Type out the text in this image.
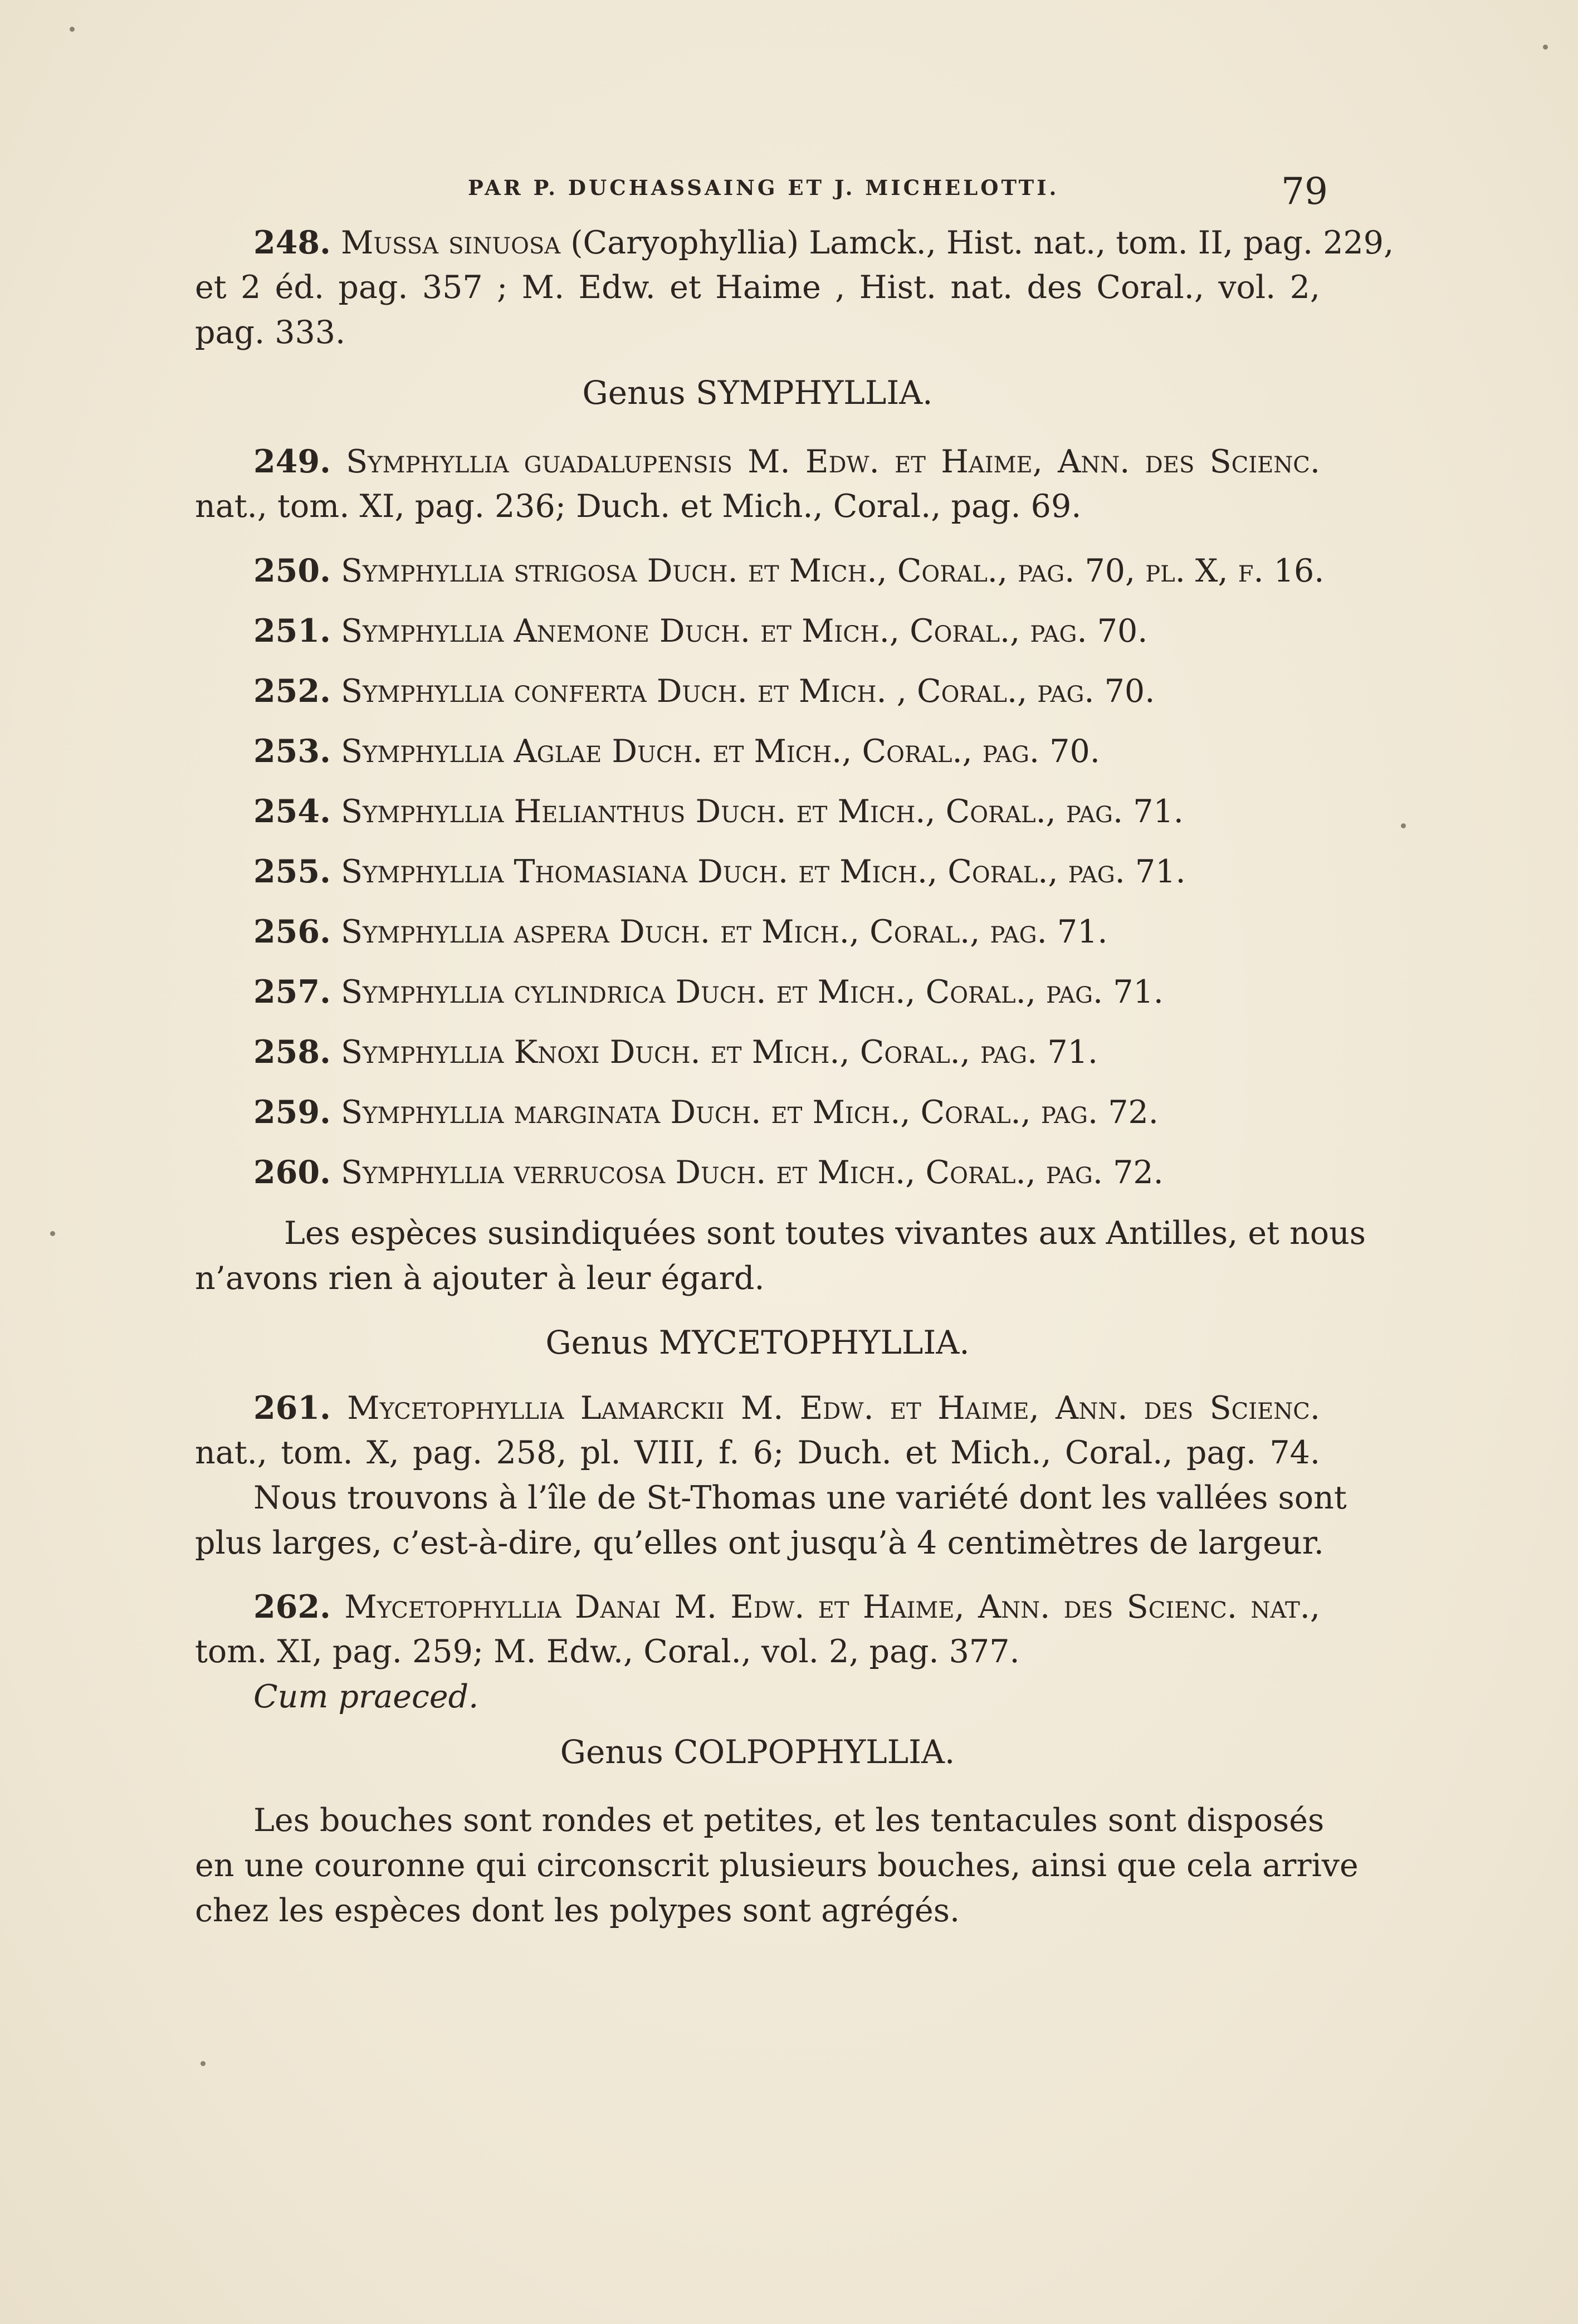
PAR P. DUCHASSAING ET J. MICHELOTTI.	79
248. Mussa sinuosa (Caryophyllia) Lamck., Hist. nat., tom. II, pag. 229,
et 2 éd. pag. 357 ; M. Edw. et Haime , Hist. nat. des Coral., vol. 2,
pag. 333.
Genus SYMPHYLLIA.
249. Symphyllia guadalupensis M. Edw. et Haime, Ann. des Scienc.
nat., tom. XI, pag. 236; Duch. et Mich., Coral., pag. 69.
250. Symphyllia strigosa Duch. et Mich., Coral., pag. 70, pl. X, f. 16.
251. Symphyllia Anemone Duch. et Mich., Coral., pag. 70.
252. Symphyllia conferta Duch. et Mich. , Coral., pag. 70.
253. Symphyllia Aglae Duch. et Mich., Coral., pag. 70.
254. Symphyllia Helianthus Duch. et Mich., Coral., pag. 71.
255. Symphyllia Thomasiana Duch. et Mich., Coral., pag. 71.
256. Symphyllia aspera Duch. et Mich., Coral., pag. 71.
257. Symphyllia cylindrica Duch. et Mich., Coral., pag. 71.
258. Symphyllia Knoxi Duch. et Mich., Coral., pag. 71.
259. Symphyllia marginata Duch. et Mich., Coral., pag. 72.
260. Symphyllia verrucosa Duch. et Mich., Coral., pag. 72.
Les espèces susindiquées sont toutes vivantes aux Antilles, et nous
n’avons rien à ajouter à leur égard.
Genus MYCETOPHYLLIA.
261. Mycetophyllia Lamarckii M. Edw. et Haime, Ann. des Scienc.
nat., tom. X, pag. 258, pl. VIII, f. 6; Duch. et Mich., Coral., pag. 74.
Nous trouvons à l’île de St-Thomas une variété dont les vallées sont
plus larges, c’est-à-dire, qu’elles ont jusqu’à 4 centimètres de largeur.
262. Mycetophyllia Danai M. Edw. et Haime, Ann. des Scienc. nat.,
tom. XI, pag. 259; M. Edw., Coral., vol. 2, pag. 377.
Cum praeced.
Genus COLPOPHYLLIA.
Les bouches sont rondes et petites, et les tentacules sont disposés
en une couronne qui circonscrit plusieurs bouches, ainsi que cela arrive
chez les espèces dont les polypes sont agrégés.
